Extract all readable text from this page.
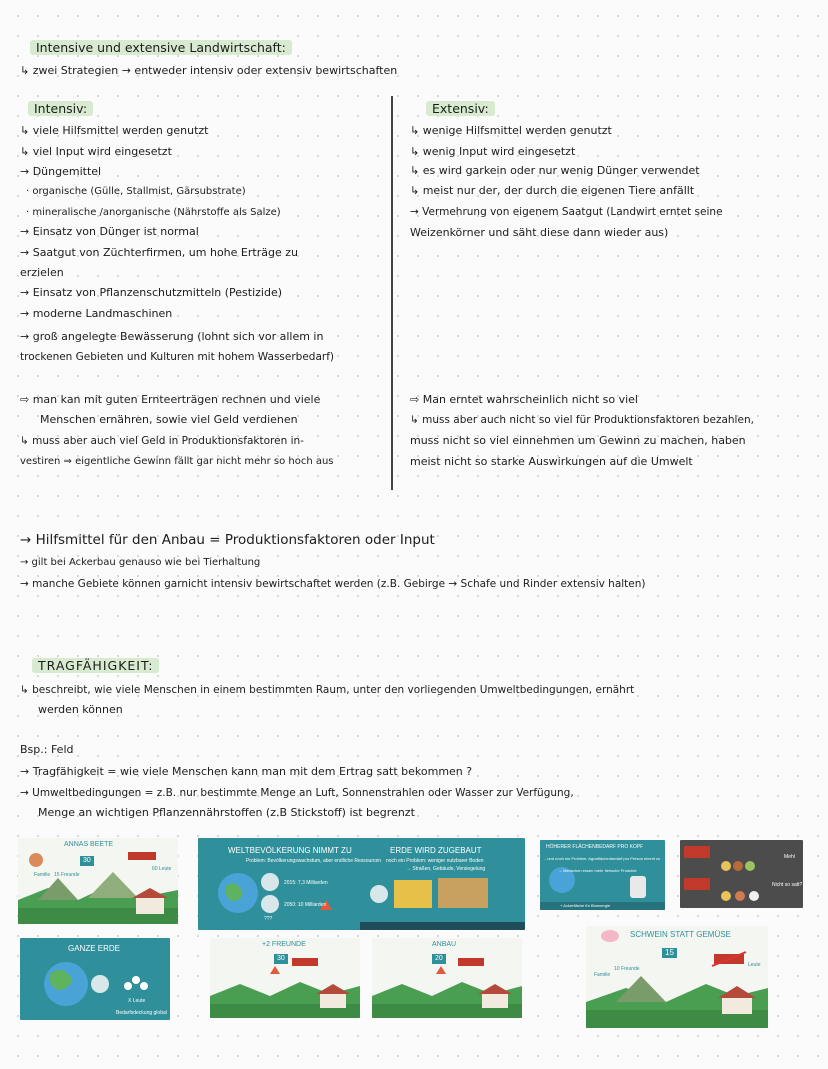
Intensive und extensive Landwirtschaft:
↳ zwei Strategien → entweder intensiv oder extensiv bewirtschaften
Intensiv:
↳ viele Hilfsmittel werden genutzt
↳ viel Input wird eingesetzt
→ Düngemittel
· organische (Gülle, Stallmist, Gärsubstrate)
· mineralische /anorganische (Nährstoffe als Salze)
→ Einsatz von Dünger ist normal
→ Saatgut von Züchterfirmen, um hohe Erträge zu
erzielen
→ Einsatz von Pflanzenschutzmitteln (Pestizide)
→ moderne Landmaschinen
→ groß angelegte Bewässerung (lohnt sich vor allem in
trockenen Gebieten und Kulturen mit hohem Wasserbedarf)
⇨ man kan mit guten Ernteerträgen rechnen und viele
Menschen ernähren, sowie viel Geld verdienen
↳ muss aber auch viel Geld in Produktionsfaktoren in-
vestiren ⇒ eigentliche Gewinn fällt gar nicht mehr so hoch aus
Extensiv:
↳ wenige Hilfsmittel werden genutzt
↳ wenig Input wird eingesetzt
↳ es wird garkein oder nur wenig Dünger verwendet
↳ meist nur der, der durch die eigenen Tiere anfällt
→ Vermehrung von eigenem Saatgut (Landwirt erntet seine
Weizenkörner und säht diese dann wieder aus)
⇨ Man erntet wahrscheinlich nicht so viel
↳ muss aber auch nicht so viel für Produktionsfaktoren bezahlen,
muss nicht so viel einnehmen um Gewinn zu machen, haben
meist nicht so starke Auswirkungen auf die Umwelt
→ Hilfsmittel für den Anbau = Produktionsfaktoren oder Input
→ gilt bei Ackerbau genauso wie bei Tierhaltung
→ manche Gebiete können garnicht intensiv bewirtschaftet werden (z.B. Gebirge → Schafe und Rinder extensiv halten)
TRAGFÄHIGKEIT:
↳ beschreibt, wie viele Menschen in einem bestimmten Raum, unter den vorliegenden Umweltbedingungen, ernährt
werden können
Bsp.: Feld
→ Tragfähigkeit = wie viele Menschen kann man mit dem Ertrag satt bekommen ?
→ Umweltbedingungen = z.B. nur bestimmte Menge an Luft, Sonnenstrahlen oder Wasser zur Verfügung,
Menge an wichtigen Pflanzennährstoffen (z.B Stickstoff) ist begrenzt
ANNAS BEETE
30
Familie 15 Freunde
60 Leute
WELTBEVÖLKERUNG NIMMT ZU
Problem: Bevölkerungswachstum, aber endliche Ressourcen
2015: 7,3 Milliarden
2050: 10 Milliarden
???
ERDE WIRD ZUGEBAUT
noch ein Problem: weniger nutzbarer Boden
→ Straßen, Gebäude, Versiegelung
HÖHERER FLÄCHENBEDARF PRO KOPF
...und noch ein Problem: Agrarflächenbedarf pro Person nimmt zu
→ Menschen essen mehr tierische Produkte
+ Ackerfläche für Bioenergie
Mehl
Nicht so satt?
GANZE ERDE
X Leute
Bedarfsdeckung global
+2 FREUNDE
30
ANBAU
20
SCHWEIN STATT GEMÜSE
15
Familie
10 Freunde
Leute
